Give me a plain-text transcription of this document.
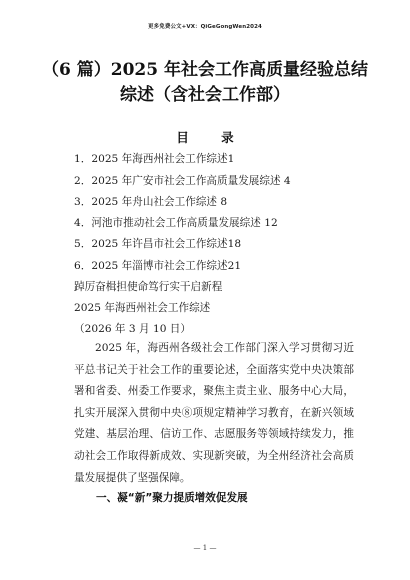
更多免费公文+VX：QiGeGongWen2024
（6 篇）2025 年社会工作高质量经验总结
综述（含社会工作部）
目 录
1．2025 年海西州社会工作综述1
2．2025 年广安市社会工作高质量发展综述 4
3．2025 年舟山社会工作综述 8
4．河池市推动社会工作高质量发展综述 12
5．2025 年许昌市社会工作综述18
6．2025 年淄博市社会工作综述21
踔厉奋楫担使命笃行实干启新程
2025 年海西州社会工作综述
（2026 年 3 月 10 日）
2025 年，海西州各级社会工作部门深入学习贯彻习近平总书记关于社会工作的重要论述，全面落实党中央决策部署和省委、州委工作要求，聚焦主责主业、服务中心大局，扎实开展深入贯彻中央⑧项规定精神学习教育，在新兴领域党建、基层治理、信访工作、志愿服务等领域持续发力，推动社会工作取得新成效、实现新突破，为全州经济社会高质量发展提供了坚强保障。
一、凝“新”聚力提质增效促发展
— 1 —
